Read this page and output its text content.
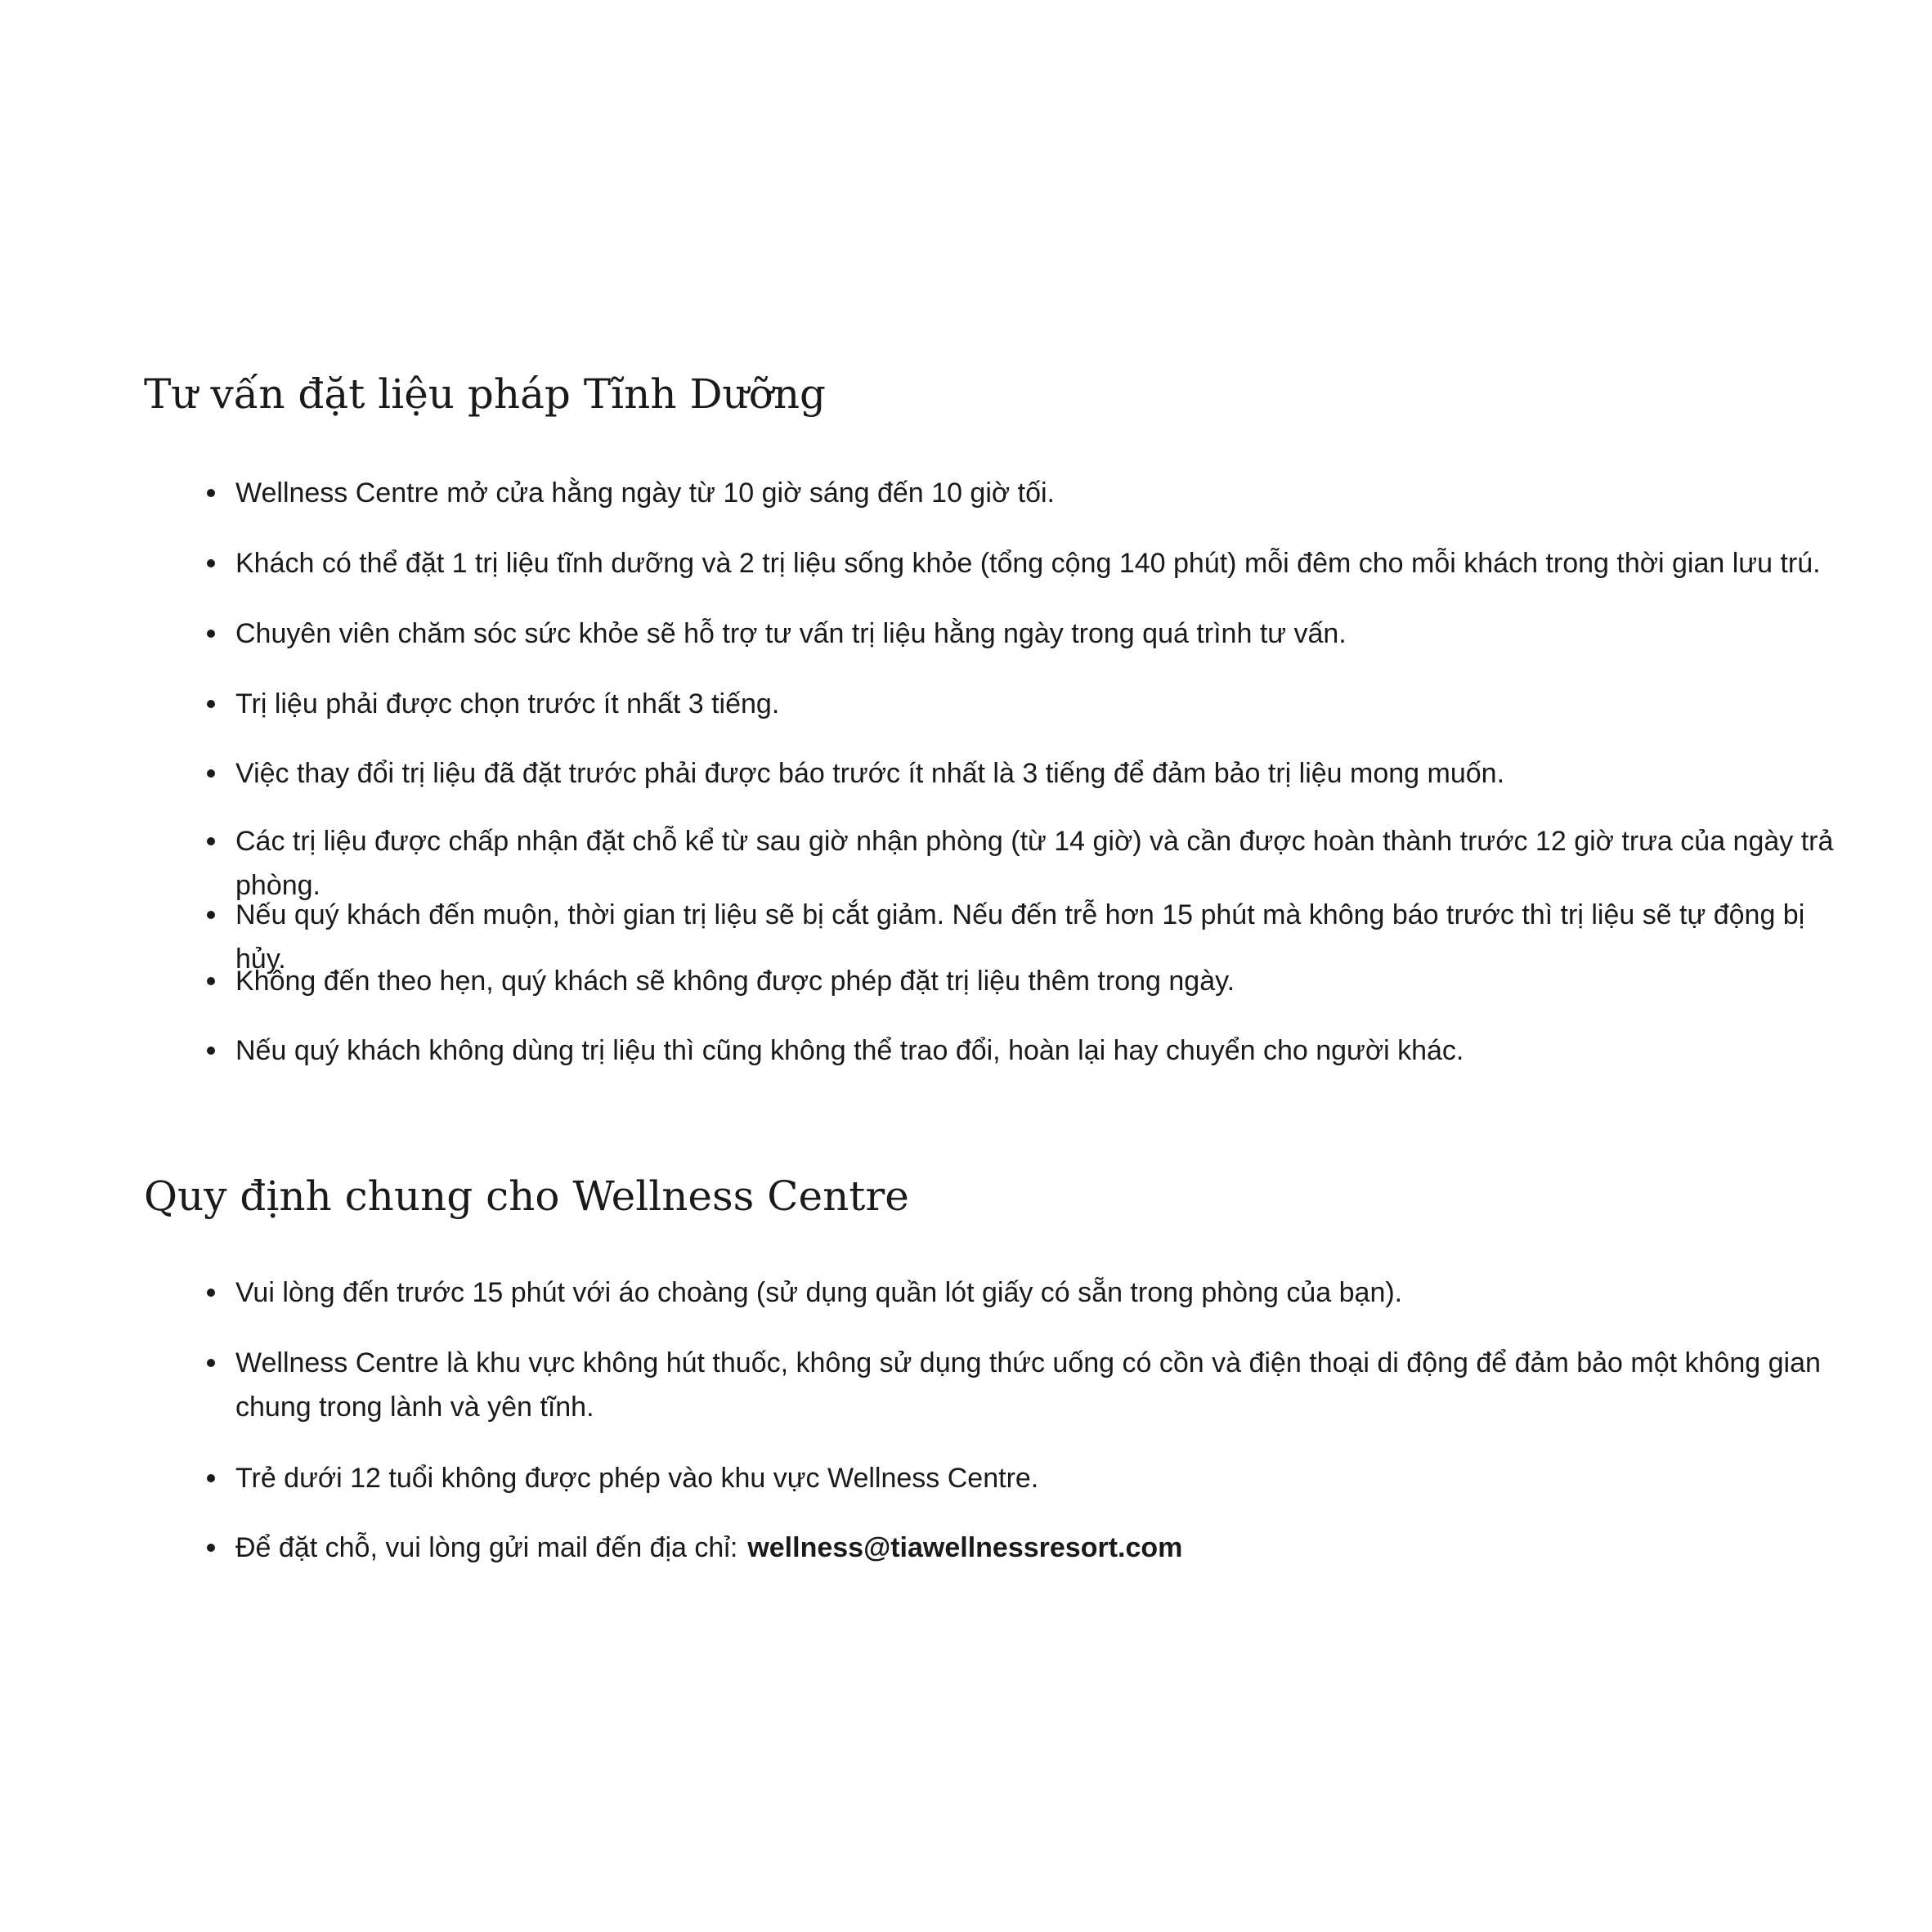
Tư vấn đặt liệu pháp Tĩnh Dưỡng
Wellness Centre mở cửa hằng ngày từ 10 giờ sáng đến 10 giờ tối.
Khách có thể đặt 1 trị liệu tĩnh dưỡng và 2 trị liệu sống khỏe (tổng cộng 140 phút) mỗi đêm cho mỗi khách trong thời gian lưu trú.
Chuyên viên chăm sóc sức khỏe sẽ hỗ trợ tư vấn trị liệu hằng ngày trong quá trình tư vấn.
Trị liệu phải được chọn trước ít nhất 3 tiếng.
Việc thay đổi trị liệu đã đặt trước phải được báo trước ít nhất là 3 tiếng để đảm bảo trị liệu mong muốn.
Các trị liệu được chấp nhận đặt chỗ kể từ sau giờ nhận phòng (từ 14 giờ) và cần được hoàn thành trước 12 giờ trưa của ngày trả phòng.
Nếu quý khách đến muộn, thời gian trị liệu sẽ bị cắt giảm. Nếu đến trễ hơn 15 phút mà không báo trước thì trị liệu sẽ tự động bị hủy.
Không đến theo hẹn, quý khách sẽ không được phép đặt trị liệu thêm trong ngày.
Nếu quý khách không dùng trị liệu thì cũng không thể trao đổi, hoàn lại hay chuyển cho người khác.
Quy định chung cho Wellness Centre
Vui lòng đến trước 15 phút với áo choàng (sử dụng quần lót giấy có sẵn trong phòng của bạn).
Wellness Centre là khu vực không hút thuốc, không sử dụng thức uống có cồn và điện thoại di động để đảm bảo một không gian chung trong lành và yên tĩnh.
Trẻ dưới 12 tuổi không được phép vào khu vực Wellness Centre.
Để đặt chỗ, vui lòng gửi mail đến địa chỉ: wellness@tiawellnessresort.com
